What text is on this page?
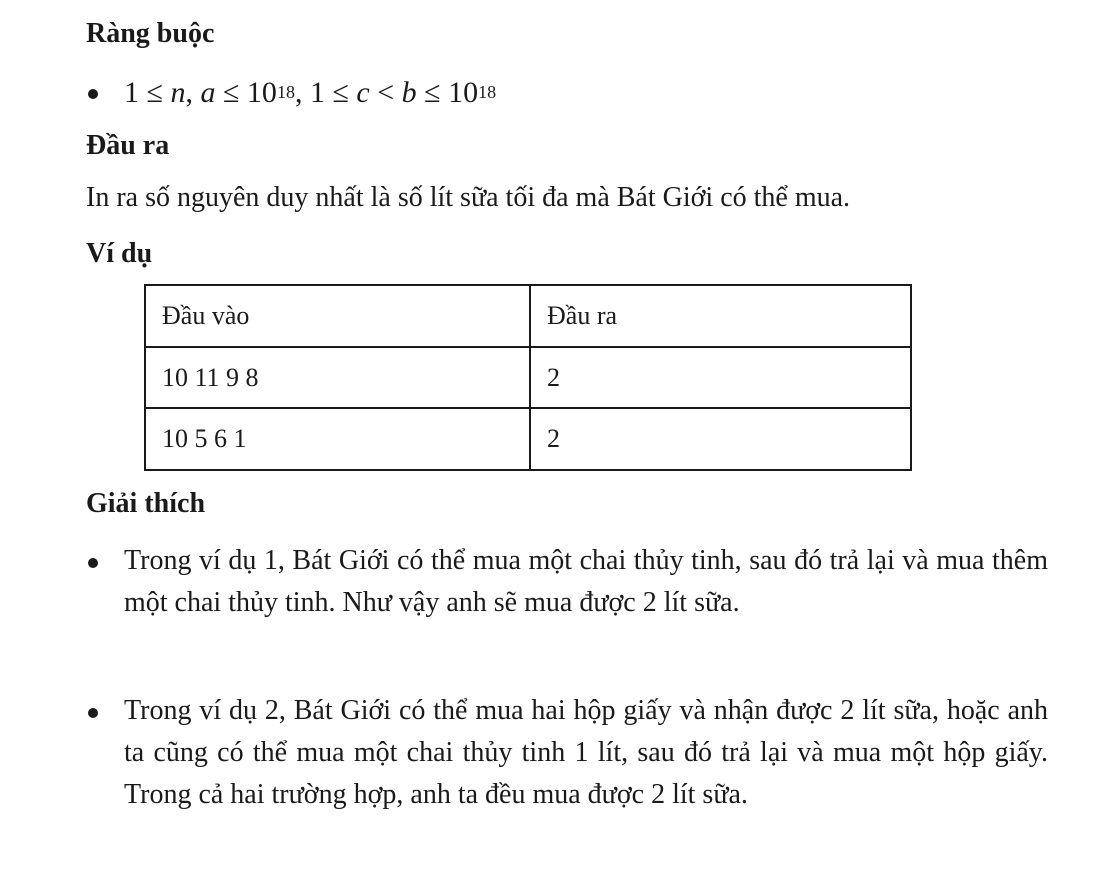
Ràng buộc
1 ≤ n, $a \le 10^{18}$, $1 \le c < b \le 10^{18}$
Đầu ra

In ra số nguyên duy nhất là số lít sữa tối đa mà Bát Giới có thể mua.

Ví dụ
Đầu vào	Đầu ra
10 11 9 8	2
10 5 6 1	2
Giải thích
Trong ví dụ 1, Bát Giới có thể mua một chai thủy tinh, sau đó trả lại và mua thêm một chai thủy tinh. Như vậy anh sẽ mua được 2 lít sữa.
Trong ví dụ 2, Bát Giới có thể mua hai hộp giấy và nhận được 2 lít sữa, hoặc anh ta cũng có thể mua một chai thủy tinh 1 lít, sau đó trả lại và mua một hộp giấy. Trong cả hai trường hợp, anh ta đều mua được 2 lít sữa.
